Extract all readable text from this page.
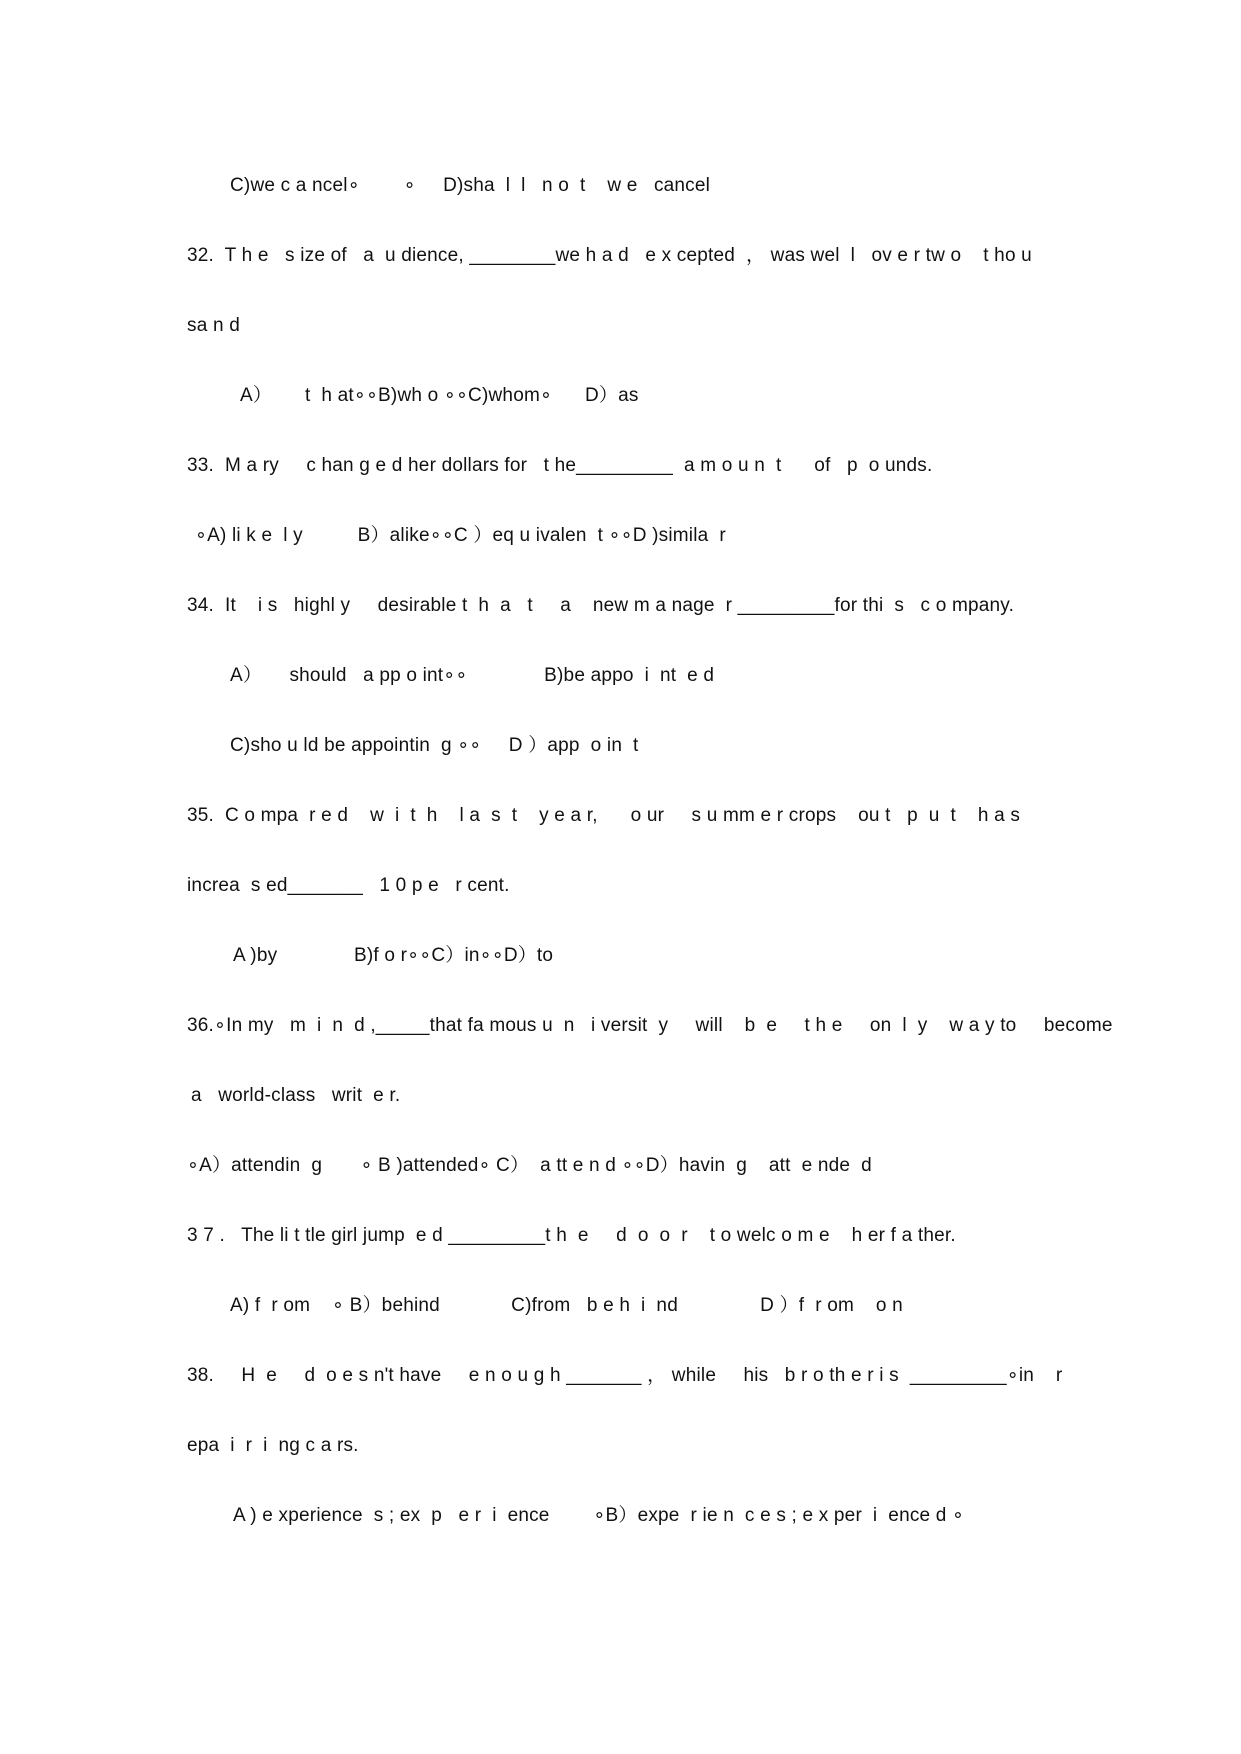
C)we c a ncel∘        ∘     D)sha  l  l   n o  t    w e   cancel
32.  T h e   s ize of   a  u dience, ________we h a d   e x cepted  ， was wel  l   ov e r tw o    t ho u
sa n d
A）      t  h at∘∘B)wh o ∘∘C)whom∘      D）as
33.  M a ry     c han g e d her dollars for   t he_________  a m o u n  t      of   p  o unds.
∘A) li k e  l y          B）alike∘∘C ）eq u ivalen  t ∘∘D )simila  r
34.  It    i s   highl y     desirable t  h  a   t     a    new m a nage  r _________for thi  s   c o mpany.
A）     should   a pp o int∘∘              B)be appo  i  nt  e d
C)sho u ld be appointin  g ∘∘     D ）app  o in  t
35.  C o mpa  r e d    w  i  t  h    l a  s  t    y e a r,      o ur     s u mm e r crops    ou t   p  u  t    h a s
increa  s ed_______   1 0 p e   r cent.
A )by              B)f o r∘∘C）in∘∘D）to
36.∘In my   m  i  n  d ,_____that fa mous u  n   i versit  y     will    b  e     t h e     on  l  y    w a y to     become
a   world-class   writ  e r.
∘A）attendin  g       ∘ B )attended∘ C）  a tt e n d ∘∘D）havin  g    att  e nde  d
3 7 .   The li t tle girl jump  e d _________t h  e     d  o  o  r    t o welc o m e    h er f a ther.
A) f  r om    ∘ B）behind             C)from   b e h  i  nd               D ）f  r om    o n
38.     H  e     d  o e s n't have     e n o u g h _______ ， while     his   b r o th e r i s  _________∘in    r
epa  i  r  i  ng c a rs.
A ) e xperience  s ; ex  p   e r  i  ence        ∘B）expe  r ie n  c e s ; e x per  i  ence d ∘
